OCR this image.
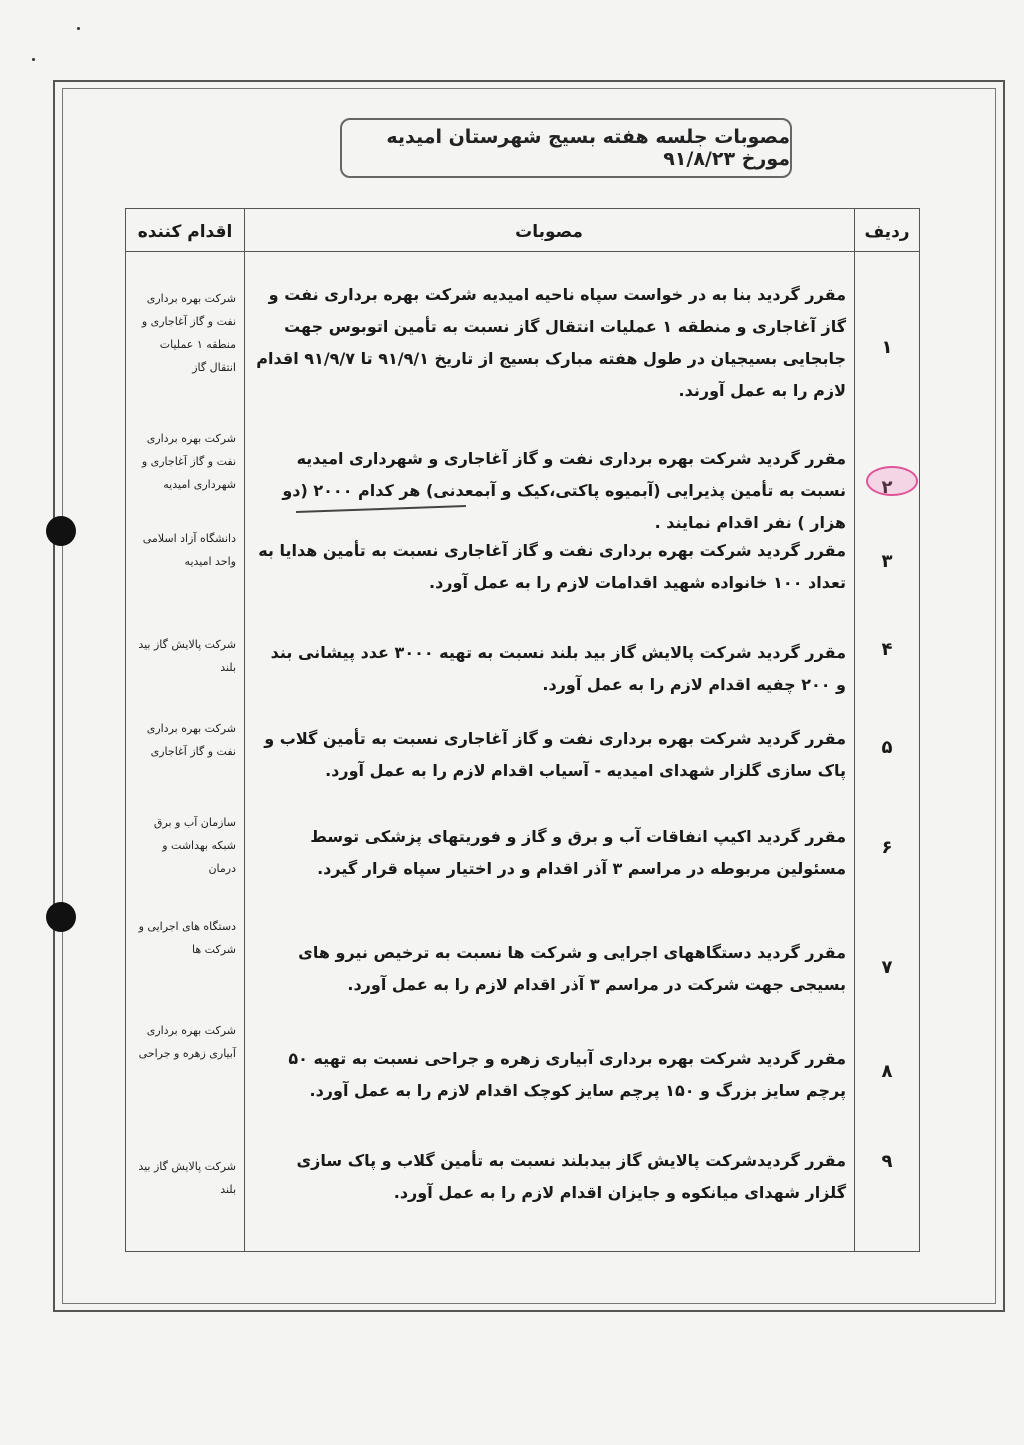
مصوبات جلسه هفته بسیج شهرستان امیدیه مورخ ۹۱/۸/۲۳
ردیف
مصوبات
اقدام کننده
۱
مقرر گردید بنا به در خواست سپاه ناحیه امیدیه شرکت بهره برداری نفت و گاز آغاجاری و منطقه ۱ عملیات انتقال گاز نسبت به تأمین اتوبوس جهت جابجایی بسیجیان در طول هفته مبارک بسیج از تاریخ ۹۱/۹/۱ تا ۹۱/۹/۷ اقدام لازم را به عمل آورند.
شرکت بهره برداری نفت و گاز آغاجاری و منطقه ۱ عملیات انتقال گاز
۲
مقرر گردید شرکت بهره برداری نفت و گاز آغاجاری و شهرداری امیدیه نسبت به تأمین پذیرایی (آبمیوه پاکتی،کیک و آبمعدنی) هر کدام ۲۰۰۰ (دو هزار ) نفر اقدام نمایند .
شرکت بهره برداری نفت و گاز آغاجاری و شهرداری امیدیه
۳
مقرر گردید شرکت بهره برداری نفت و گاز آغاجاری نسبت به تأمین هدایا به تعداد ۱۰۰ خانواده شهید اقدامات لازم را به عمل آورد.
دانشگاه آزاد اسلامی واحد امیدیه
۴
مقرر گردید شرکت پالایش گاز بید بلند نسبت به تهیه ۳۰۰۰ عدد پیشانی بند و ۲۰۰ چفیه اقدام لازم را به عمل آورد.
شرکت پالایش گاز بید بلند
۵
مقرر گردید شرکت بهره برداری نفت و گاز آغاجاری نسبت به تأمین گلاب و پاک سازی گلزار شهدای امیدیه - آسیاب اقدام لازم را به عمل آورد.
شرکت بهره برداری نفت و گاز آغاجاری
۶
مقرر گردید اکیپ انفاقات آب و برق و گاز و فوریتهای پزشکی توسط مسئولین مربوطه در مراسم ۳ آذر اقدام و در اختیار سپاه قرار گیرد.
سازمان آب و برق شبکه بهداشت و درمان
۷
مقرر گردید دستگاههای اجرایی و شرکت ها نسبت به ترخیص نیرو های بسیجی جهت شرکت در مراسم ۳ آذر اقدام لازم را به عمل آورد.
دستگاه های اجرایی و شرکت ها
۸
مقرر گردید شرکت بهره برداری آبیاری زهره و جراحی نسبت به تهیه ۵۰ پرچم سایز بزرگ و ۱۵۰ پرچم سایز کوچک اقدام لازم را به عمل آورد.
شرکت بهره برداری آبیاری زهره و جراحی
۹
مقرر گردیدشرکت پالایش گاز بیدبلند نسبت به تأمین گلاب و پاک سازی گلزار شهدای میانکوه و جایزان اقدام لازم را به عمل آورد.
شرکت پالایش گاز بید بلند
